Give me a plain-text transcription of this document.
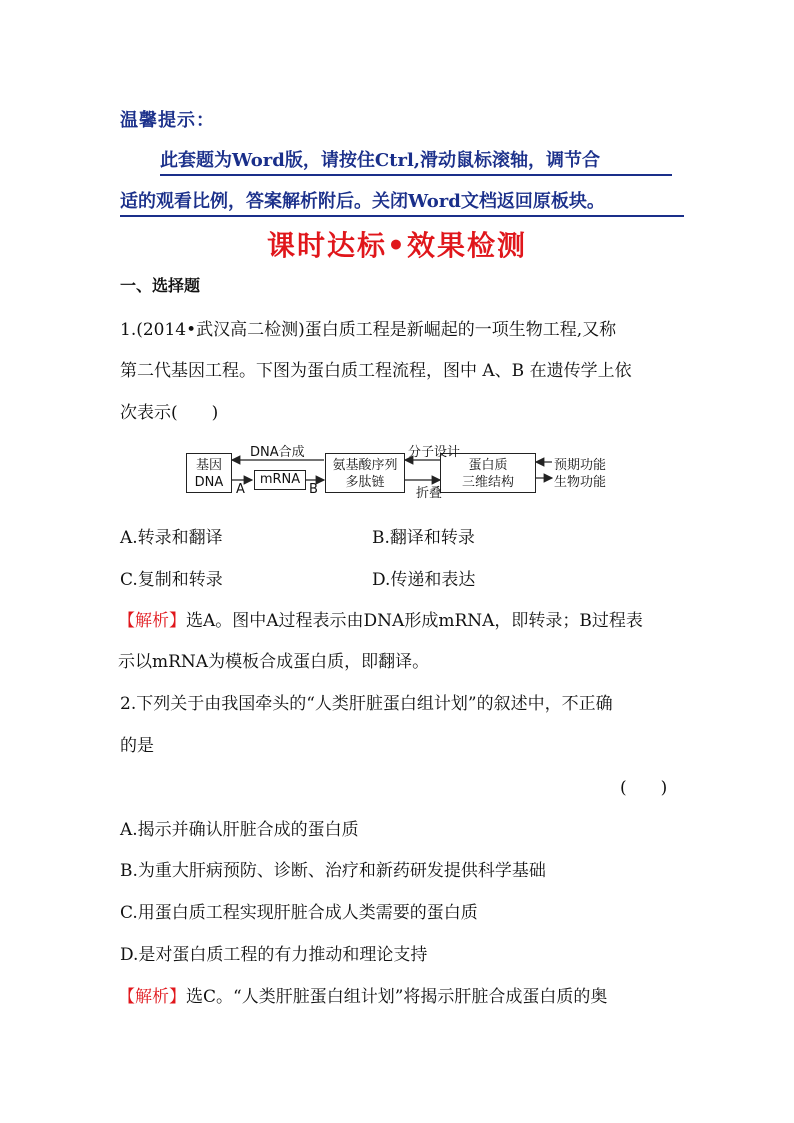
温馨提示：
此套题为Word版，请按住Ctrl,滑动鼠标滚轴，调节合
适的观看比例，答案解析附后。关闭Word文档返回原板块。
课时达标•效果检测
一、选择题
1.(2014•武汉高二检测)蛋白质工程是新崛起的一项生物工程,又称
第二代基因工程。下图为蛋白质工程流程，图中 A、B 在遗传学上依
次表示(　　)
基因
DNA	mRNA
氨基酸序列
多肽链
蛋白质
三维结构
DNA合成
A	B
分子设计
折叠
预期功能
生物功能
A.转录和翻译	B.翻译和转录
C.复制和转录	D.传递和表达
【解析】选A。图中A过程表示由DNA形成mRNA，即转录；B过程表
示以mRNA为模板合成蛋白质，即翻译。
2.下列关于由我国牵头的“人类肝脏蛋白组计划”的叙述中，不正确
的是
(　　)
A.揭示并确认肝脏合成的蛋白质
B.为重大肝病预防、诊断、治疗和新药研发提供科学基础
C.用蛋白质工程实现肝脏合成人类需要的蛋白质
D.是对蛋白质工程的有力推动和理论支持
【解析】选C。“人类肝脏蛋白组计划”将揭示肝脏合成蛋白质的奥
